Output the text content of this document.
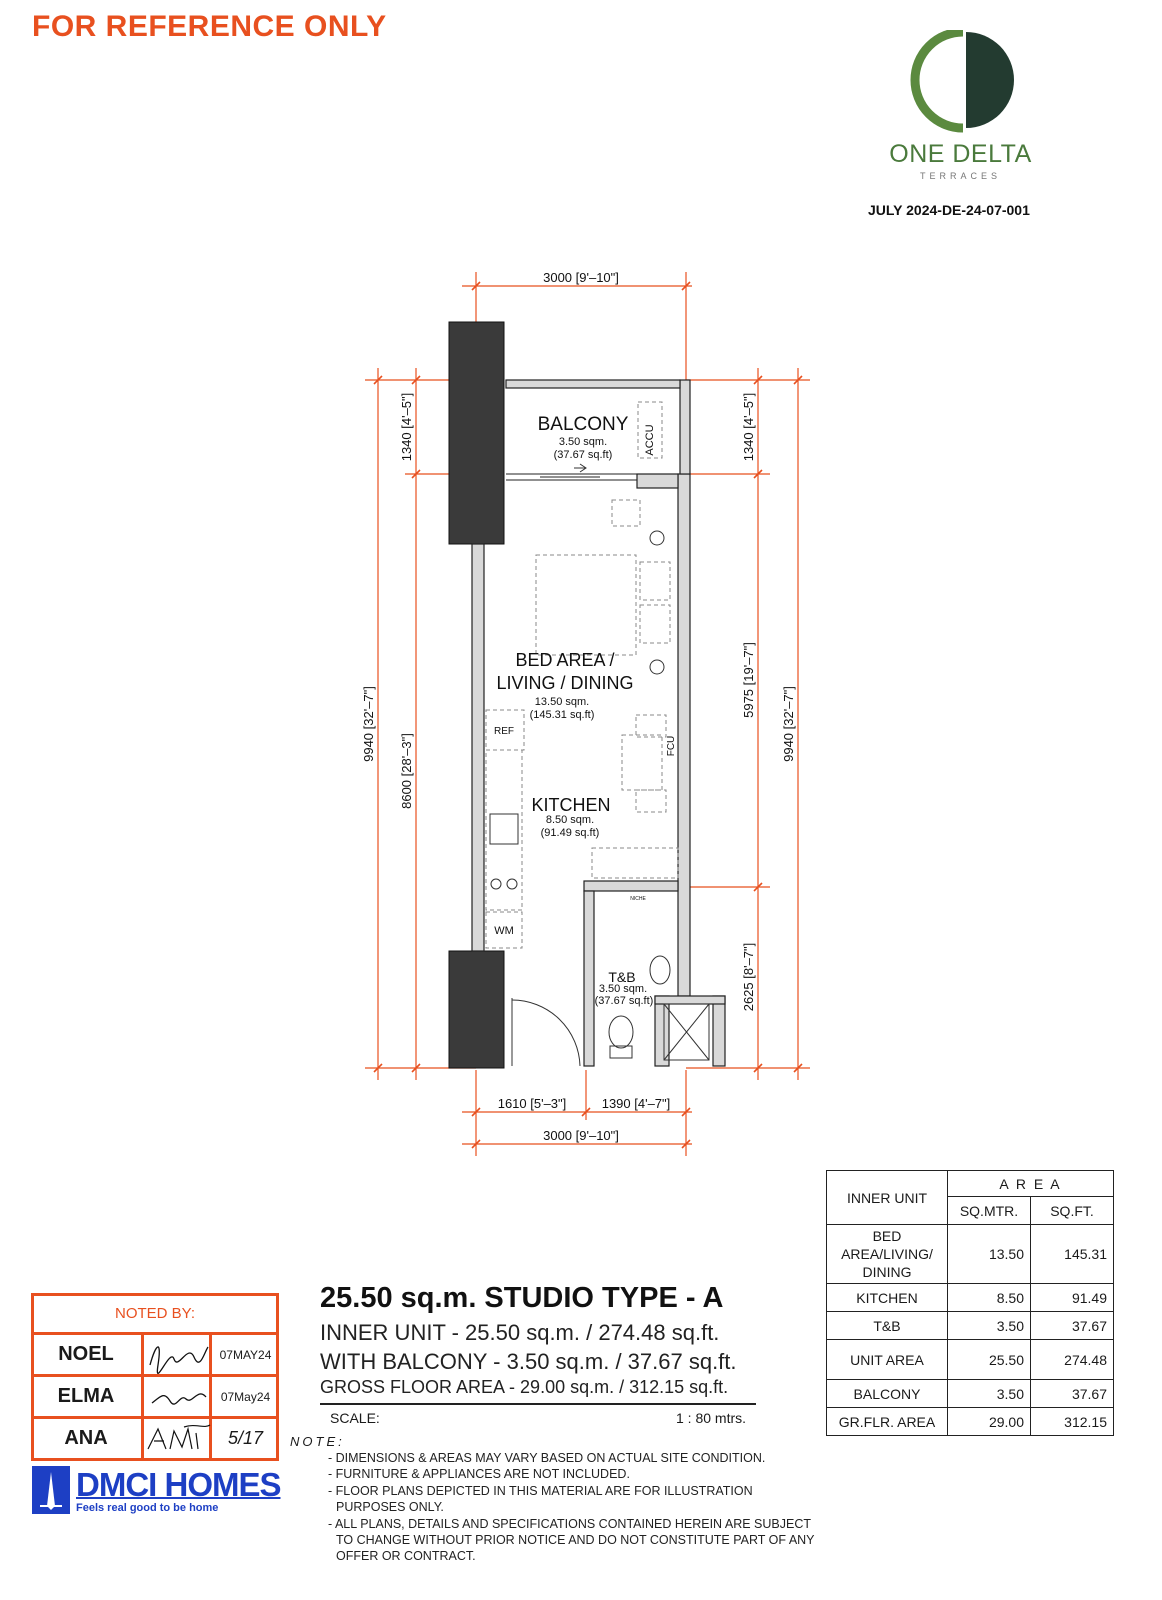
FOR REFERENCE ONLY
ONE DELTA
TERRACES
JULY 2024-DE-24-07-001
BALCONY
3.50 sqm.
(37.67 sq.ft)
BED AREA /
LIVING / DINING
13.50 sqm.
(145.31 sq.ft)
KITCHEN
8.50 sqm.
(91.49 sq.ft)
T&B
3.50 sqm.
(37.67 sq.ft)
REF
WM
ACCU
FCU
NICHE
3000 [9'–10"]
3000 [9'–10"]
1610 [5'–3"]	1390 [4'–7"]
1340 [4'–5"]
8600 [28'–3"]
9940 [32'–7"]
1340 [4'–5"]
5975 [19'–7"]
2625 [8'–7"]
9940 [32'–7"]
INNER UNIT	A R E A	
	SQ.MTR.	SQ.FT.
BED
AREA/LIVING/
DINING	13.50	145.31
KITCHEN	8.50	91.49
T&B	3.50	37.67
UNIT AREA	25.50	274.48
BALCONY	3.50	37.67
GR.FLR. AREA	29.00	312.15
25.50 sq.m. STUDIO TYPE - A
INNER UNIT - 25.50 sq.m. / 274.48 sq.ft.
WITH BALCONY - 3.50 sq.m. / 37.67 sq.ft.
GROSS FLOOR AREA - 29.00 sq.m. / 312.15 sq.ft.
SCALE:	1 : 80 mtrs.
NOTE:
- DIMENSIONS & AREAS MAY VARY BASED ON ACTUAL SITE CONDITION.
- FURNITURE & APPLIANCES ARE NOT INCLUDED.
- FLOOR PLANS DEPICTED IN THIS MATERIAL ARE FOR ILLUSTRATION PURPOSES ONLY.
- ALL PLANS, DETAILS AND SPECIFICATIONS CONTAINED HEREIN ARE SUBJECT TO CHANGE WITHOUT PRIOR NOTICE AND DO NOT CONSTITUTE PART OF ANY OFFER OR CONTRACT.
NOTED BY:
NOEL	07MAY24
ELMA	07May24
ANA	5/17
DMCI HOMES
Feels real good to be home
